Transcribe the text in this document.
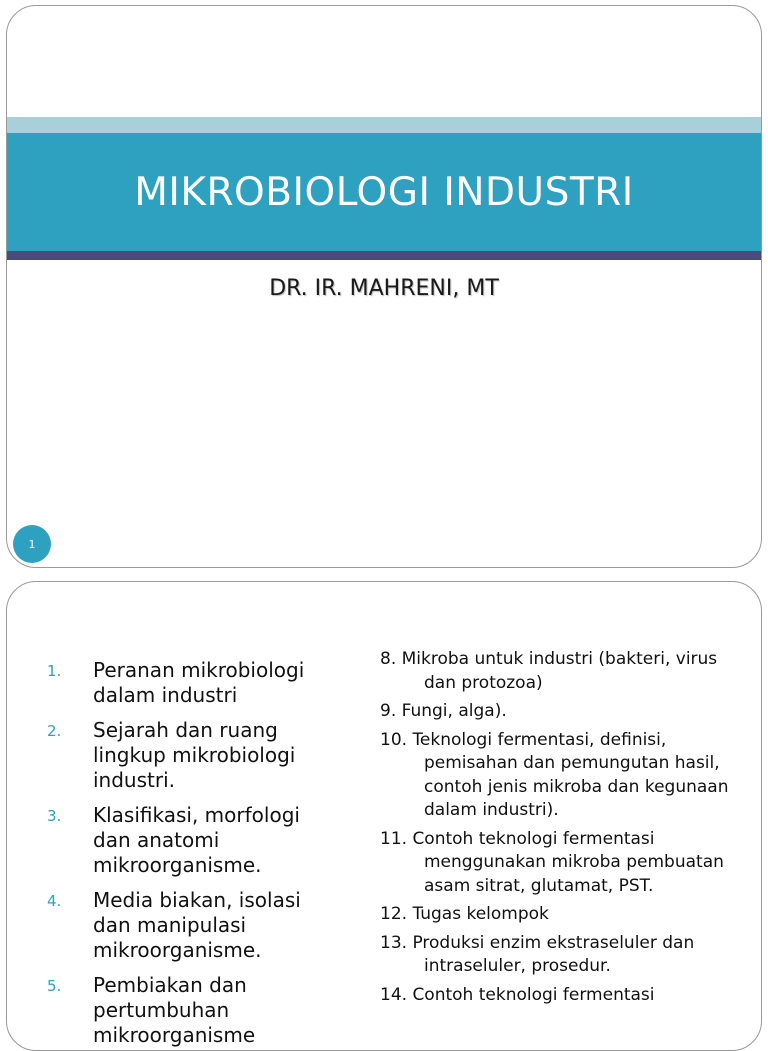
MIKROBIOLOGI INDUSTRI
DR. IR. MAHRENI, MT
1
1.	Peranan mikrobiologi dalam industri
2.	Sejarah dan ruang lingkup mikrobiologi industri.
3.	Klasifikasi, morfologi dan anatomi mikroorganisme.
4.	Media biakan, isolasi dan manipulasi mikroorganisme.
5.	Pembiakan dan pertumbuhan mikroorganisme
8. Mikroba untuk industri (bakteri, virus dan protozoa)
9. Fungi, alga).
10. Teknologi fermentasi, definisi, pemisahan dan pemungutan hasil, contoh jenis mikroba dan kegunaan dalam industri).
11. Contoh teknologi fermentasi menggunakan mikroba pembuatan asam sitrat, glutamat, PST.
12. Tugas kelompok
13. Produksi enzim ekstraseluler dan intraseluler, prosedur.
14. Contoh teknologi fermentasi
